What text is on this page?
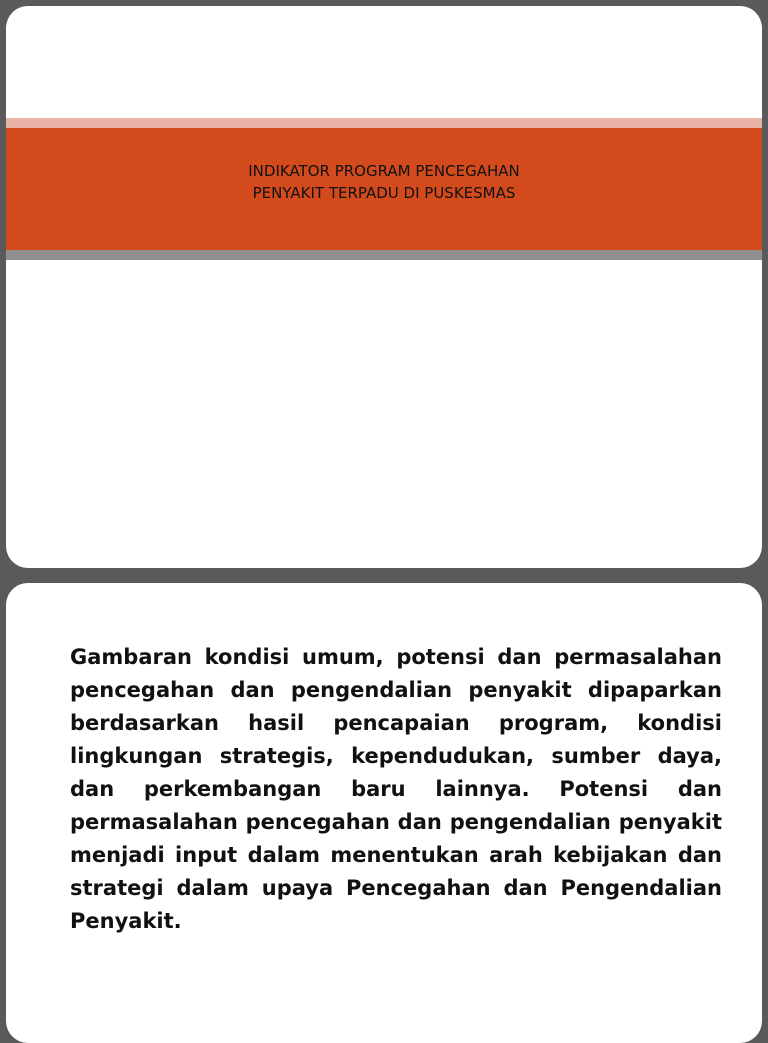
INDIKATOR PROGRAM PENCEGAHAN
PENYAKIT TERPADU DI PUSKESMAS

Gambaran kondisi umum, potensi dan permasalahan pencegahan dan pengendalian penyakit dipaparkan berdasarkan hasil pencapaian program, kondisi lingkungan strategis, kependudukan, sumber daya, dan perkembangan baru lainnya. Potensi dan permasalahan pencegahan dan pengendalian penyakit menjadi input dalam menentukan arah kebijakan dan strategi dalam upaya Pencegahan dan Pengendalian Penyakit.
